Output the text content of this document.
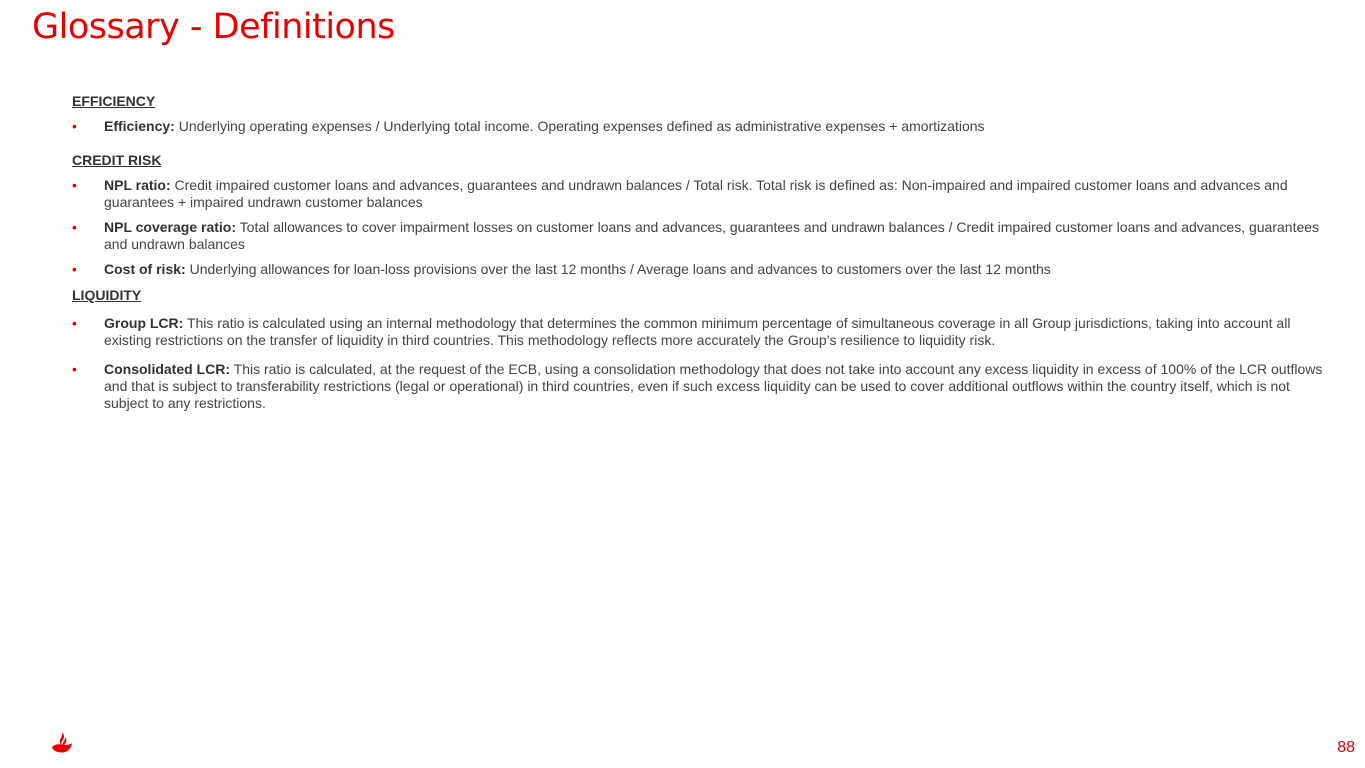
Glossary - Definitions

EFFICIENCY

• Efficiency: Underlying operating expenses / Underlying total income. Operating expenses defined as administrative expenses + amortizations

CREDIT RISK

• NPL ratio: Credit impaired customer loans and advances, guarantees and undrawn balances / Total risk. Total risk is defined as: Non-impaired and impaired customer loans and advances and guarantees + impaired undrawn customer balances
• NPL coverage ratio: Total allowances to cover impairment losses on customer loans and advances, guarantees and undrawn balances / Credit impaired customer loans and advances, guarantees and undrawn balances
• Cost of risk: Underlying allowances for loan-loss provisions over the last 12 months / Average loans and advances to customers over the last 12 months

LIQUIDITY

• Group LCR: This ratio is calculated using an internal methodology that determines the common minimum percentage of simultaneous coverage in all Group jurisdictions, taking into account all existing restrictions on the transfer of liquidity in third countries. This methodology reflects more accurately the Group’s resilience to liquidity risk.
• Consolidated LCR: This ratio is calculated, at the request of the ECB, using a consolidation methodology that does not take into account any excess liquidity in excess of 100% of the LCR outflows and that is subject to transferability restrictions (legal or operational) in third countries, even if such excess liquidity can be used to cover additional outflows within the country itself, which is not subject to any restrictions.
88
